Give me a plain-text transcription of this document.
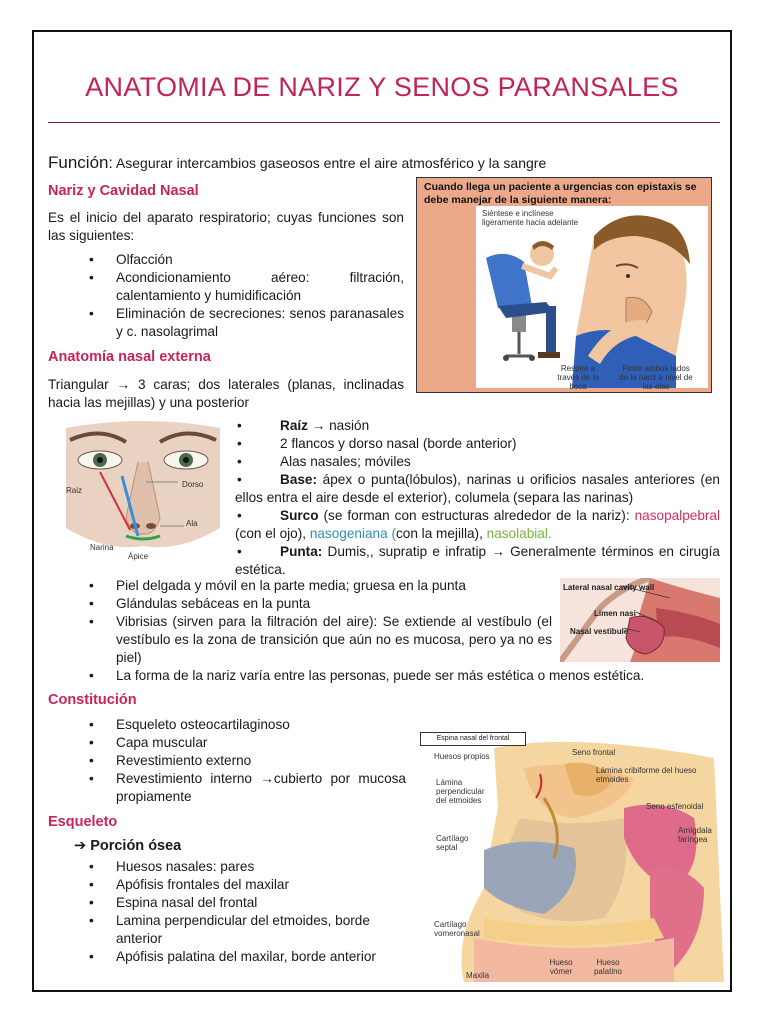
ANATOMIA DE NARIZ Y SENOS PARANSALES
Función: Asegurar intercambios gaseosos entre el aire atmosférico y la sangre
Nariz y Cavidad Nasal
Es el inicio del aparato respiratorio; cuyas funciones son las siguientes:
• Olfacción
• Acondicionamiento aéreo: filtración, calentamiento y humidificación
• Eliminación de secreciones: senos paranasales y c. nasolagrimal
Cuando llega un paciente a urgencias con epistaxis se debe manejar de la siguiente manera:
Siéntese e inclínese ligeramente hacia adelante
Respire a través de la boca
Pinze ambos lados de la nariz a nivel de las alas
Anatomía nasal externa
Triangular → 3 caras; dos laterales (planas, inclinadas hacia las mejillas) y una posterior
Raiz
Dorso
Ala
Narina
Ápice
•	Raíz → nasión
•	2 flancos y dorso nasal (borde anterior)
•	Alas nasales; móviles
•	Base: ápex o punta(lóbulos), narinas u orificios nasales anteriores (en ellos entra el aire desde el exterior), columela (separa las narinas)
•	Surco (se forman con estructuras alrededor de la nariz): nasopalpebral (con el ojo), nasogeniana (con la mejilla), nasolabial.
•	Punta: Dumis,, supratip e infratip → Generalmente términos en cirugía estética.
• Piel delgada y móvil en la parte media; gruesa en la punta
• Glándulas sebáceas en la punta
• Vibrisias (sirven para la filtración del aire): Se extiende al vestíbulo (el vestíbulo es la zona de transición que aún no es mucosa, pero ya no es piel)
• La forma de la nariz varía entre las personas, puede ser más estética o menos estética.
Lateral nasal cavity wall
Limen nasi
Nasal vestibule
Constitución
• Esqueleto osteocartilaginoso
• Capa muscular
• Revestimiento externo
• Revestimiento interno →cubierto por mucosa propiamente
Esqueleto
➔ Porción ósea
• Huesos nasales: pares
• Apófisis frontales del maxilar
• Espina nasal del frontal
• Lamina perpendicular del etmoides, borde anterior
• Apófisis palatina del maxilar, borde anterior
Espina nasal del frontal
Huesos propios
Lámina perpendicular del etmoides
Cartílago septal
Cartílago vomeronasal
Maxila
Hueso vómer
Hueso palatino
Seno frontal
Lámina cribiforme del hueso etmoides
Seno esfenoidal
Amígdala faríngea
